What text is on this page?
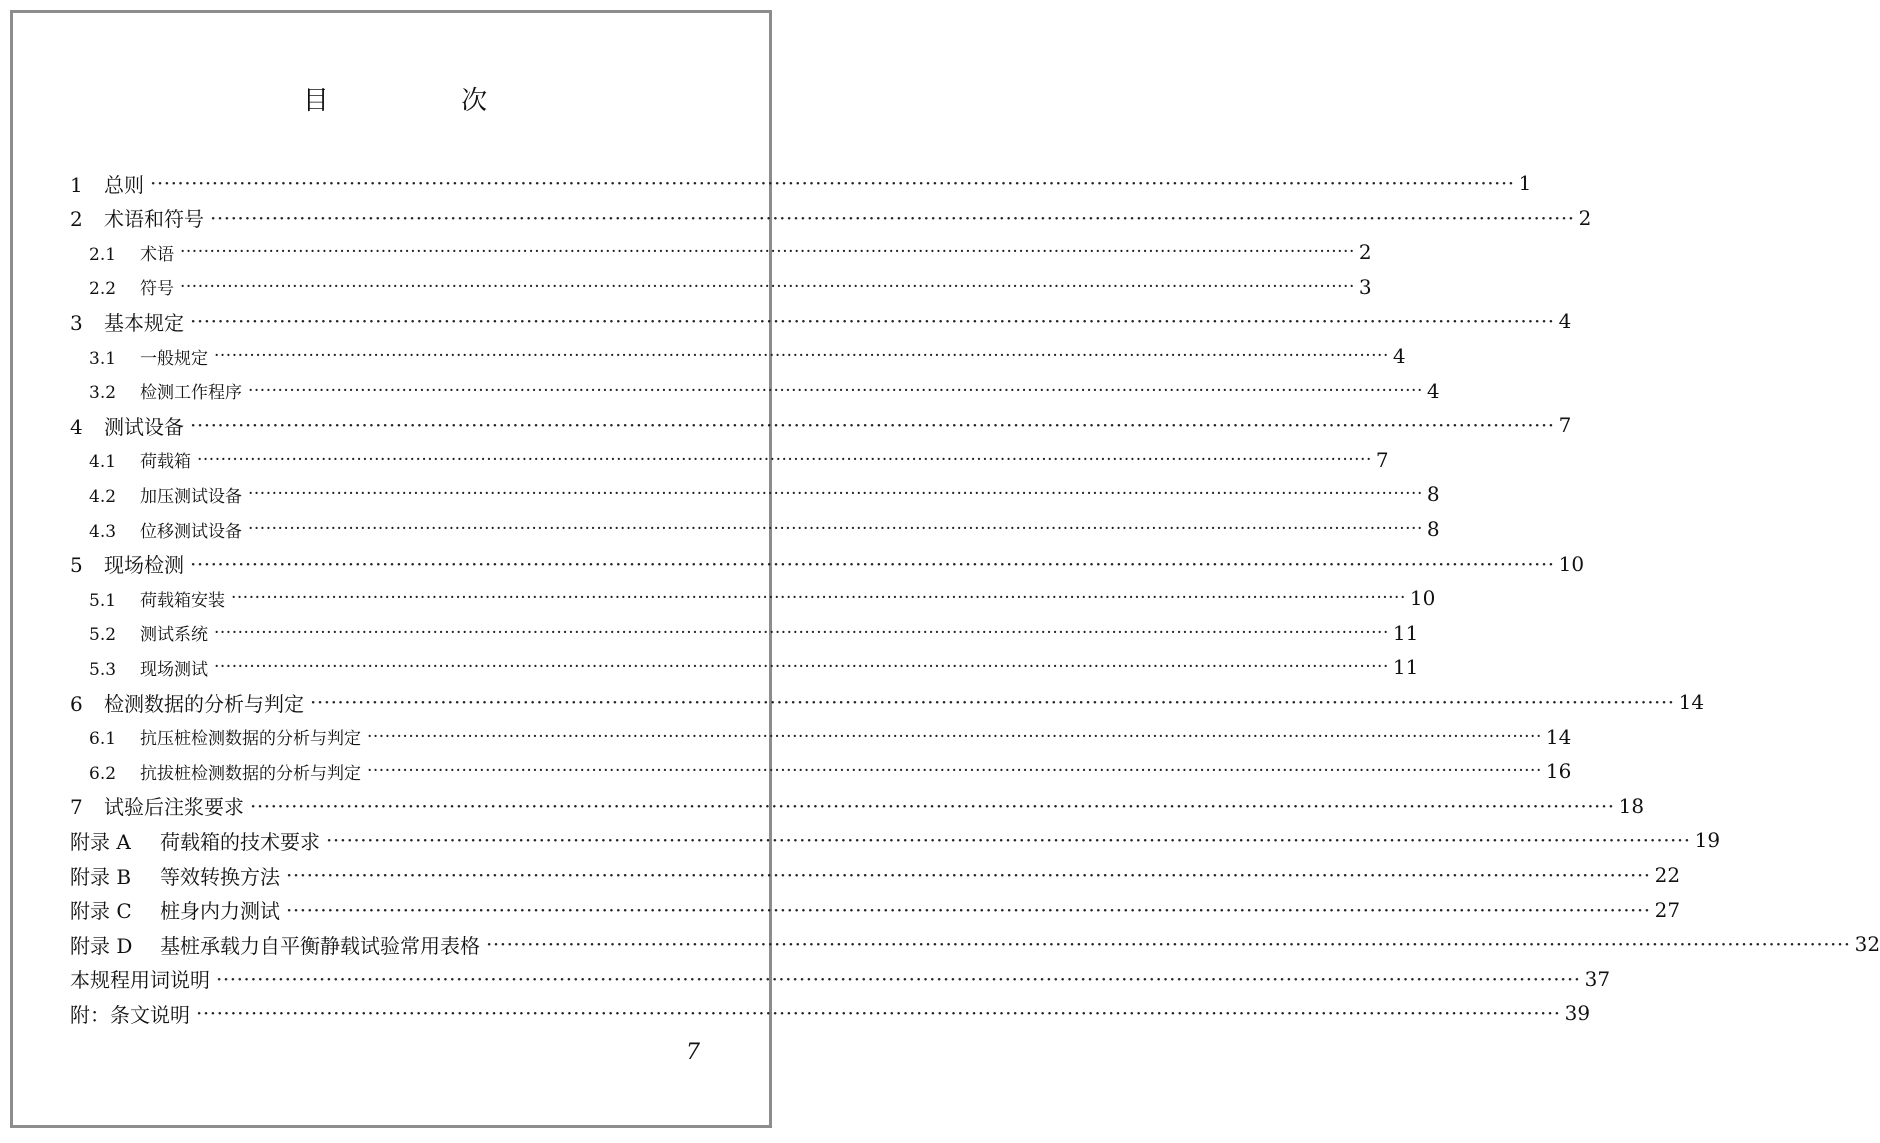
目 次
1 总则 ······································································································································································································· 1
2 术语和符号 ······································································································································································································· 2
2.1 术语 ······································································································································································································· 2
2.2 符号 ······································································································································································································· 3
3 基本规定 ······································································································································································································· 4
3.1 一般规定 ······································································································································································································· 4
3.2 检测工作程序 ······································································································································································································· 4
4 测试设备 ······································································································································································································· 7
4.1 荷载箱 ······································································································································································································· 7
4.2 加压测试设备 ······································································································································································································· 8
4.3 位移测试设备 ······································································································································································································· 8
5 现场检测 ······································································································································································································· 10
5.1 荷载箱安装 ······································································································································································································· 10
5.2 测试系统 ······································································································································································································· 11
5.3 现场测试 ······································································································································································································· 11
6 检测数据的分析与判定 ······································································································································································································· 14
6.1 抗压桩检测数据的分析与判定 ······································································································································································································· 14
6.2 抗拔桩检测数据的分析与判定 ······································································································································································································· 16
7 试验后注浆要求 ······································································································································································································· 18
附录 A 荷载箱的技术要求 ······································································································································································································· 19
附录 B 等效转换方法 ······································································································································································································· 22
附录 C 桩身内力测试 ······································································································································································································· 27
附录 D 基桩承载力自平衡静载试验常用表格 ······································································································································································································· 32
本规程用词说明 ······································································································································································································· 37
附：条文说明 ······································································································································································································· 39
7
